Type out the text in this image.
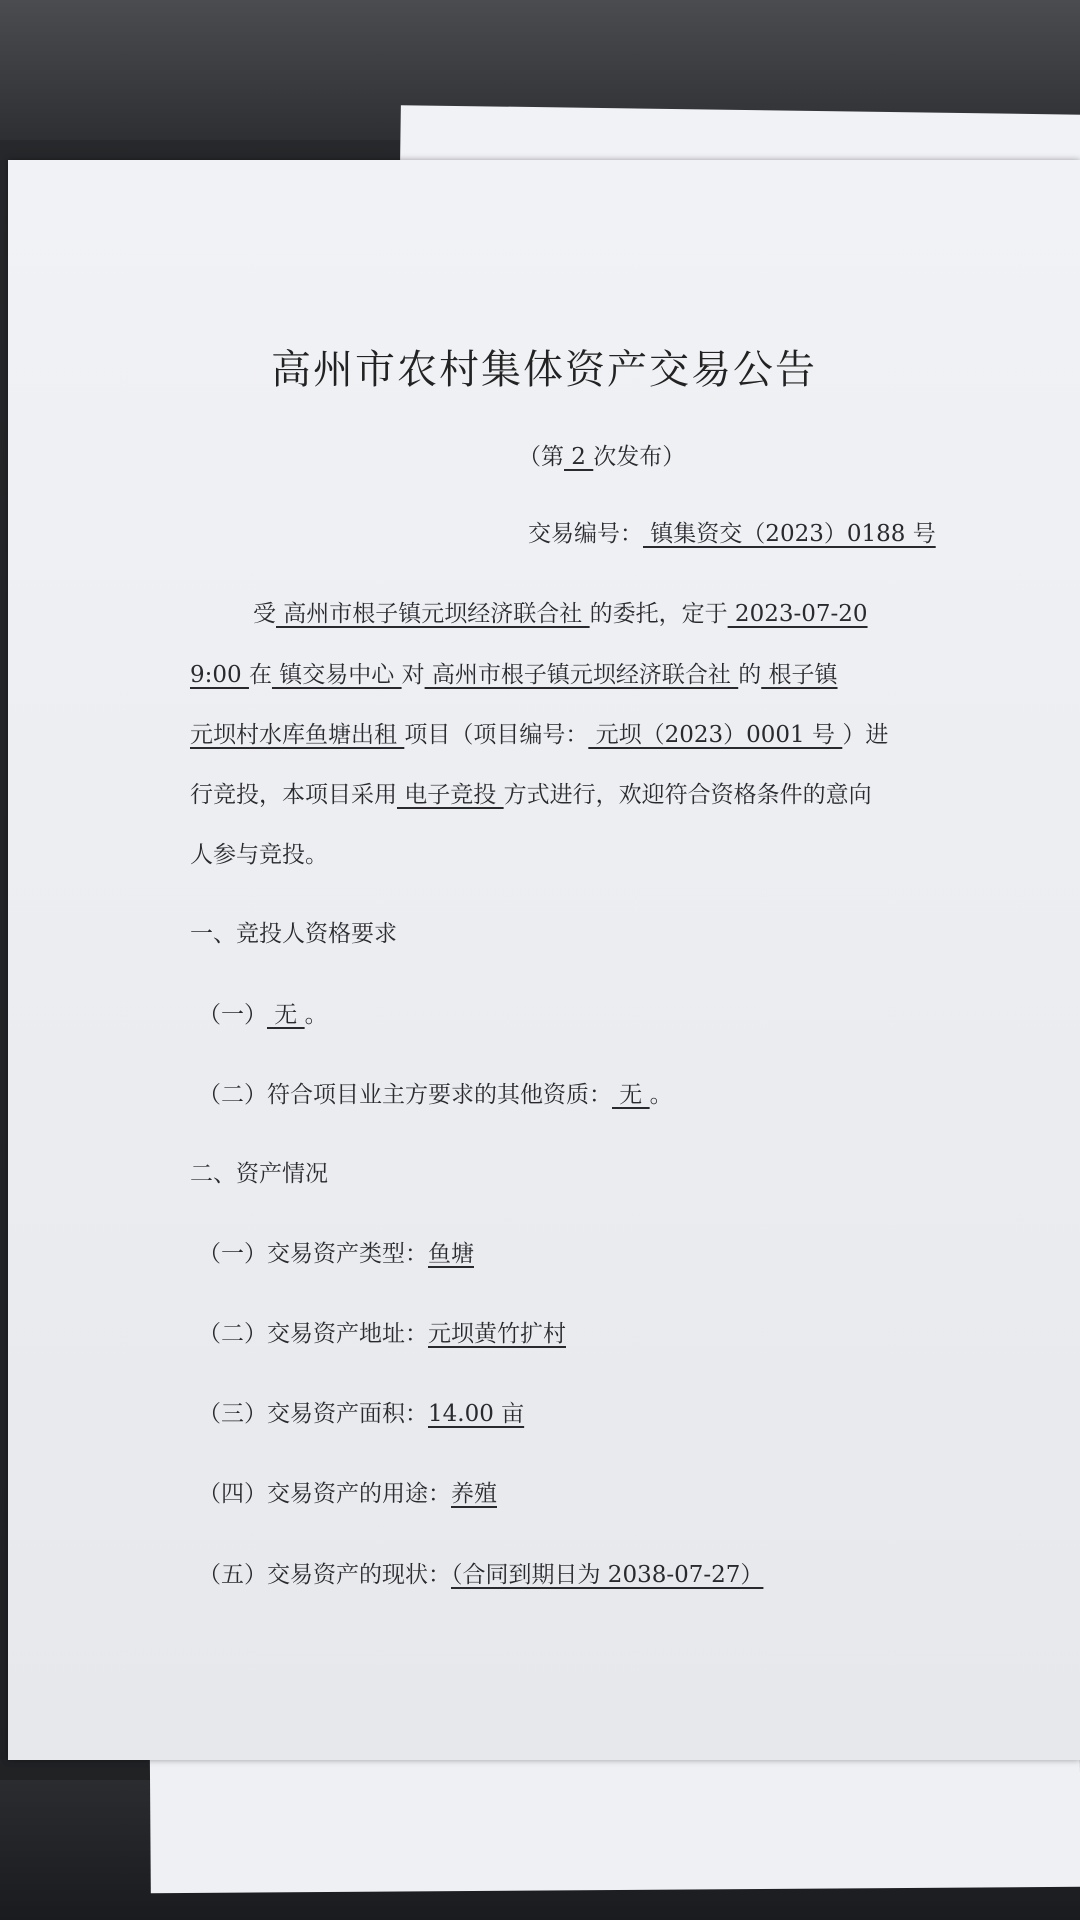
高州市农村集体资产交易公告
（第 2 次发布）
交易编号： 镇集资交（2023）0188 号
受 高州市根子镇元坝经济联合社 的委托，定于 2023-07-20
9:00 在 镇交易中心 对 高州市根子镇元坝经济联合社 的 根子镇
元坝村水库鱼塘出租 项目（项目编号： 元坝（2023）0001 号 ）进
行竞投，本项目采用 电子竞投 方式进行，欢迎符合资格条件的意向
人参与竞投。
一、竞投人资格要求
（一） 无 。
（二）符合项目业主方要求的其他资质： 无 。
二、资产情况
（一）交易资产类型：鱼塘
（二）交易资产地址：元坝黄竹扩村
（三）交易资产面积：14.00 亩
（四）交易资产的用途：养殖
（五）交易资产的现状：（合同到期日为 2038-07-27）
